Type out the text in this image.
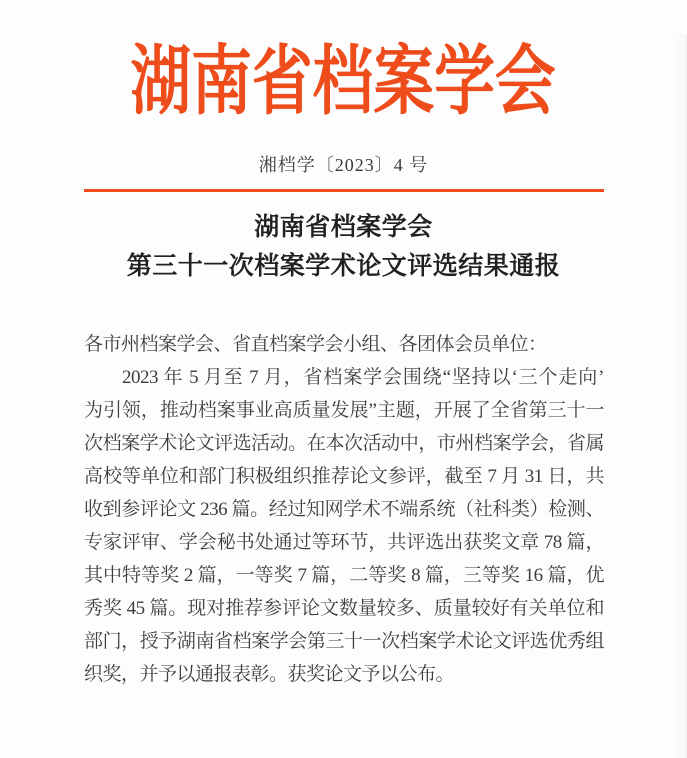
湖南省档案学会
湘档学〔2023〕4 号
湖南省档案学会
第三十一次档案学术论文评选结果通报
各市州档案学会、省直档案学会小组、各团体会员单位：
2023 年 5 月至 7 月，省档案学会围绕“坚持以‘三个走向’
为引领，推动档案事业高质量发展”主题，开展了全省第三十一
次档案学术论文评选活动。在本次活动中，市州档案学会，省属
高校等单位和部门积极组织推荐论文参评，截至 7 月 31 日，共
收到参评论文 236 篇。经过知网学术不端系统（社科类）检测、
专家评审、学会秘书处通过等环节，共评选出获奖文章 78 篇，
其中特等奖 2 篇，一等奖 7 篇，二等奖 8 篇，三等奖 16 篇，优
秀奖 45 篇。现对推荐参评论文数量较多、质量较好有关单位和
部门，授予湖南省档案学会第三十一次档案学术论文评选优秀组
织奖，并予以通报表彰。获奖论文予以公布。
